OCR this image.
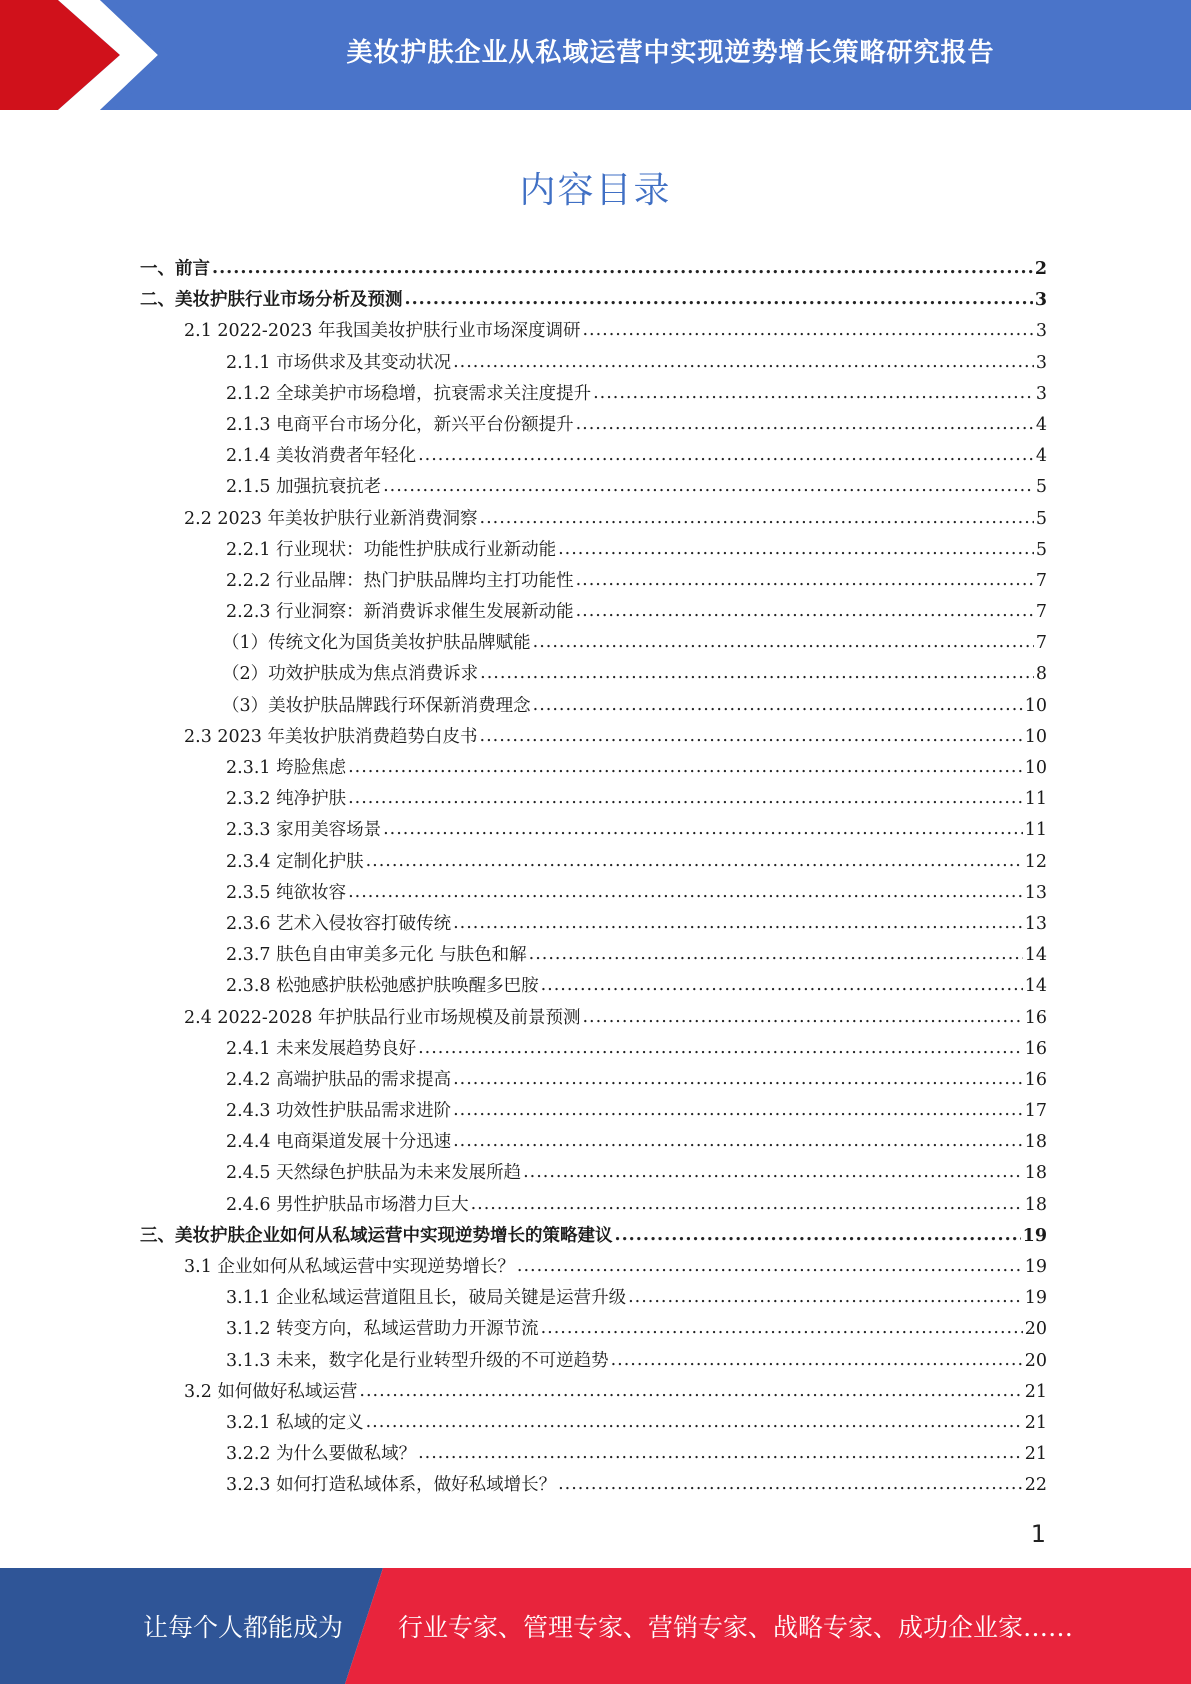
美妆护肤企业从私域运营中实现逆势增长策略研究报告
内容目录
一、前言 .....	2
二、美妆护肤行业市场分析及预测 .....	3
2.1 2022-2023 年我国美妆护肤行业市场深度调研 .....	3
2.1.1 市场供求及其变动状况 .....	3
2.1.2 全球美护市场稳增，抗衰需求关注度提升 .....	3
2.1.3 电商平台市场分化，新兴平台份额提升 .....	4
2.1.4 美妆消费者年轻化 .....	4
2.1.5 加强抗衰抗老 .....	5
2.2 2023 年美妆护肤行业新消费洞察 .....	5
2.2.1 行业现状：功能性护肤成行业新动能 .....	5
2.2.2 行业品牌：热门护肤品牌均主打功能性 .....	7
2.2.3 行业洞察：新消费诉求催生发展新动能 .....	7
（1）传统文化为国货美妆护肤品牌赋能 .....	7
（2）功效护肤成为焦点消费诉求 .....	8
（3）美妆护肤品牌践行环保新消费理念 .....	10
2.3 2023 年美妆护肤消费趋势白皮书 .....	10
2.3.1 垮脸焦虑 .....	10
2.3.2 纯净护肤 .....	11
2.3.3 家用美容场景 .....	11
2.3.4 定制化护肤 .....	12
2.3.5 纯欲妆容 .....	13
2.3.6 艺术入侵妆容打破传统 .....	13
2.3.7 肤色自由审美多元化 与肤色和解 .....	14
2.3.8 松弛感护肤松弛感护肤唤醒多巴胺 .....	14
2.4 2022-2028 年护肤品行业市场规模及前景预测 .....	16
2.4.1 未来发展趋势良好 .....	16
2.4.2 高端护肤品的需求提高 .....	16
2.4.3 功效性护肤品需求进阶 .....	17
2.4.4 电商渠道发展十分迅速 .....	18
2.4.5 天然绿色护肤品为未来发展所趋 .....	18
2.4.6 男性护肤品市场潜力巨大 .....	18
三、美妆护肤企业如何从私域运营中实现逆势增长的策略建议 .....	19
3.1 企业如何从私域运营中实现逆势增长？ .....	19
3.1.1 企业私域运营道阻且长，破局关键是运营升级 .....	19
3.1.2 转变方向，私域运营助力开源节流 .....	20
3.1.3 未来，数字化是行业转型升级的不可逆趋势 .....	20
3.2 如何做好私域运营 .....	21
3.2.1 私域的定义 .....	21
3.2.2 为什么要做私域？ .....	21
3.2.3 如何打造私域体系，做好私域增长？ .....	22
1
让每个人都能成为 行业专家、管理专家、营销专家、战略专家、成功企业家……
